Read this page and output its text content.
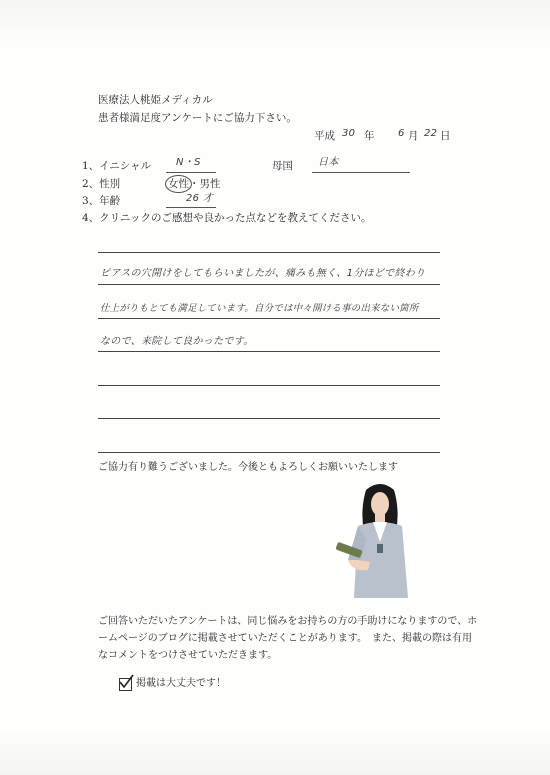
医療法人桃姫メディカル
患者様満足度アンケートにご協力下さい。
平成 30 年 6 月 22 日
1、イニシャル N・S	母国	日本
2、性別	女性・男性
3、年齢	26 才
4、クリニックのご感想や良かった点などを教えてください。
ピアスの穴開けをしてもらいましたが、痛みも無く、1分ほどで終わり
仕上がりもとても満足しています。自分では中々開ける事の出来ない箇所
なので、来院して良かったです。
ご協力有り難うございました。今後ともよろしくお願いいたします
ご回答いただいたアンケートは、同じ悩みをお持ちの方の手助けになりますので、ホ
ームページのブログに掲載させていただくことがあります。　また、掲載の際は有用
なコメントをつけさせていただきます。
掲載は大丈夫です！
